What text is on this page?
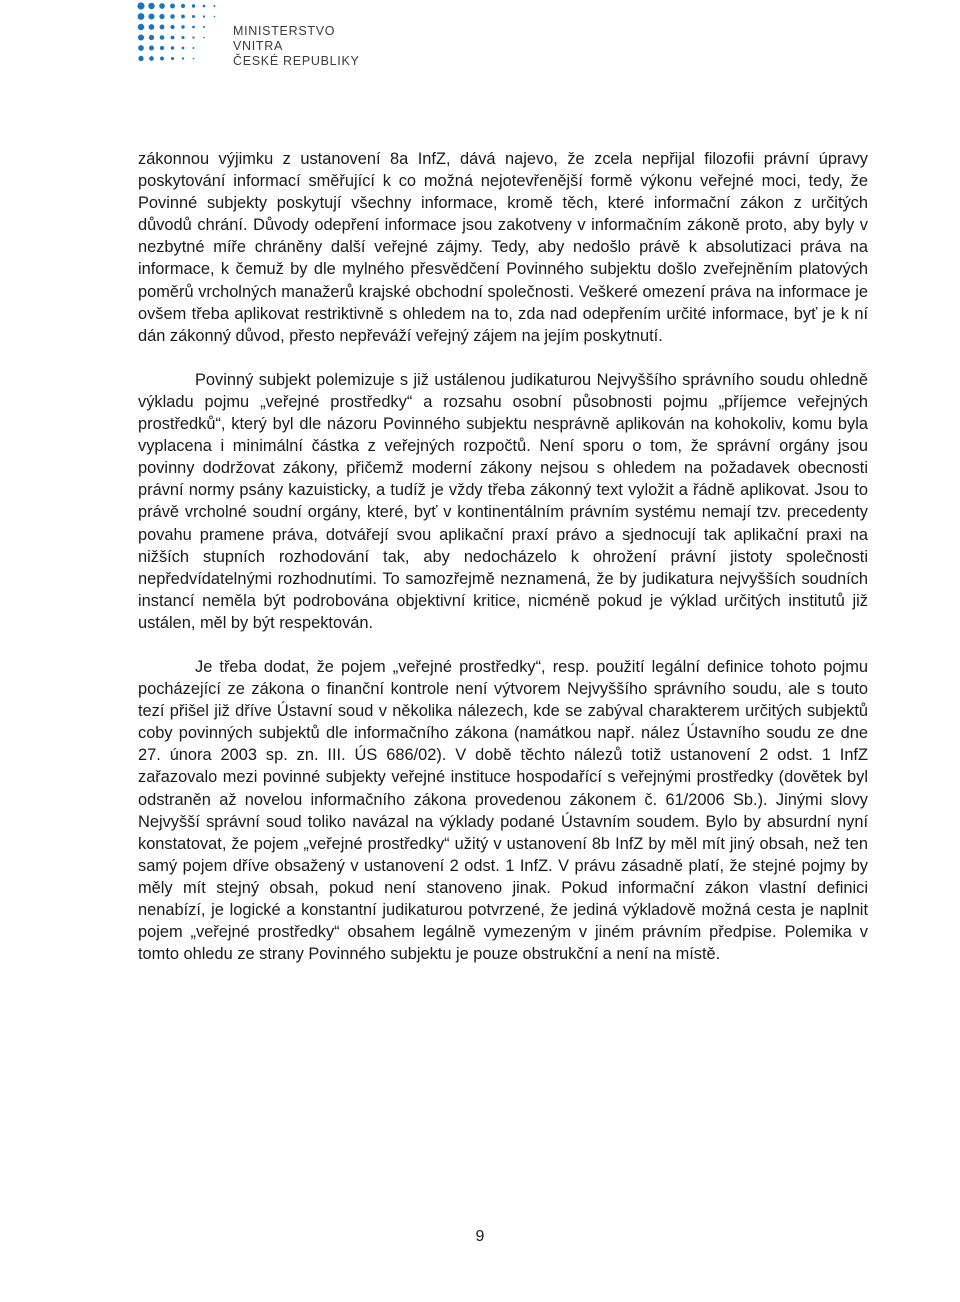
MINISTERSTVO VNITRA
ČESKÉ REPUBLIKY

zákonnou výjimku z ustanovení 8a InfZ, dává najevo, že zcela nepřijal filozofii právní úpravy poskytování informací směřující k co možná nejotevřenější formě výkonu veřejné moci, tedy, že Povinné subjekty poskytují všechny informace, kromě těch, které informační zákon z určitých důvodů chrání. Důvody odepření informace jsou zakotveny v informačním zákoně proto, aby byly v nezbytné míře chráněny další veřejné zájmy. Tedy, aby nedošlo právě k absolutizaci práva na informace, k čemuž by dle mylného přesvědčení Povinného subjektu došlo zveřejněním platových poměrů vrcholných manažerů krajské obchodní společnosti. Veškeré omezení práva na informace je ovšem třeba aplikovat restriktivně s ohledem na to, zda nad odepřením určité informace, byť je k ní dán zákonný důvod, přesto nepřeváží veřejný zájem na jejím poskytnutí.

Povinný subjekt polemizuje s již ustálenou judikaturou Nejvyššího správního soudu ohledně výkladu pojmu „veřejné prostředky“ a rozsahu osobní působnosti pojmu „příjemce veřejných prostředků“, který byl dle názoru Povinného subjektu nesprávně aplikován na kohokoliv, komu byla vyplacena i minimální částka z veřejných rozpočtů. Není sporu o tom, že správní orgány jsou povinny dodržovat zákony, přičemž moderní zákony nejsou s ohledem na požadavek obecnosti právní normy psány kazuisticky, a tudíž je vždy třeba zákonný text vyložit a řádně aplikovat. Jsou to právě vrcholné soudní orgány, které, byť v kontinentálním právním systému nemají tzv. precedenty povahu pramene práva, dotvářejí svou aplikační praxí právo a sjednocují tak aplikační praxi na nižších stupních rozhodování tak, aby nedocházelo k ohrožení právní jistoty společnosti nepředvídatelnými rozhodnutími. To samozřejmě neznamená, že by judikatura nejvyšších soudních instancí neměla být podrobována objektivní kritice, nicméně pokud je výklad určitých institutů již ustálen, měl by být respektován.

Je třeba dodat, že pojem „veřejné prostředky“, resp. použití legální definice tohoto pojmu pocházející ze zákona o finanční kontrole není výtvorem Nejvyššího správního soudu, ale s touto tezí přišel již dříve Ústavní soud v několika nálezech, kde se zabýval charakterem určitých subjektů coby povinných subjektů dle informačního zákona (namátkou např. nález Ústavního soudu ze dne 27. února 2003 sp. zn. III. ÚS 686/02). V době těchto nálezů totiž ustanovení 2 odst. 1 InfZ zařazovalo mezi povinné subjekty veřejné instituce hospodařící s veřejnými prostředky (dovětek byl odstraněn až novelou informačního zákona provedenou zákonem č. 61/2006 Sb.). Jinými slovy Nejvyšší správní soud toliko navázal na výklady podané Ústavním soudem. Bylo by absurdní nyní konstatovat, že pojem „veřejné prostředky“ užitý v ustanovení 8b InfZ by měl mít jiný obsah, než ten samý pojem dříve obsažený v ustanovení 2 odst. 1 InfZ. V právu zásadně platí, že stejné pojmy by měly mít stejný obsah, pokud není stanoveno jinak. Pokud informační zákon vlastní definici nenabízí, je logické a konstantní judikaturou potvrzené, že jediná výkladově možná cesta je naplnit pojem „veřejné prostředky“ obsahem legálně vymezeným v jiném právním předpise. Polemika v tomto ohledu ze strany Povinného subjektu je pouze obstrukční a není na místě.

9
